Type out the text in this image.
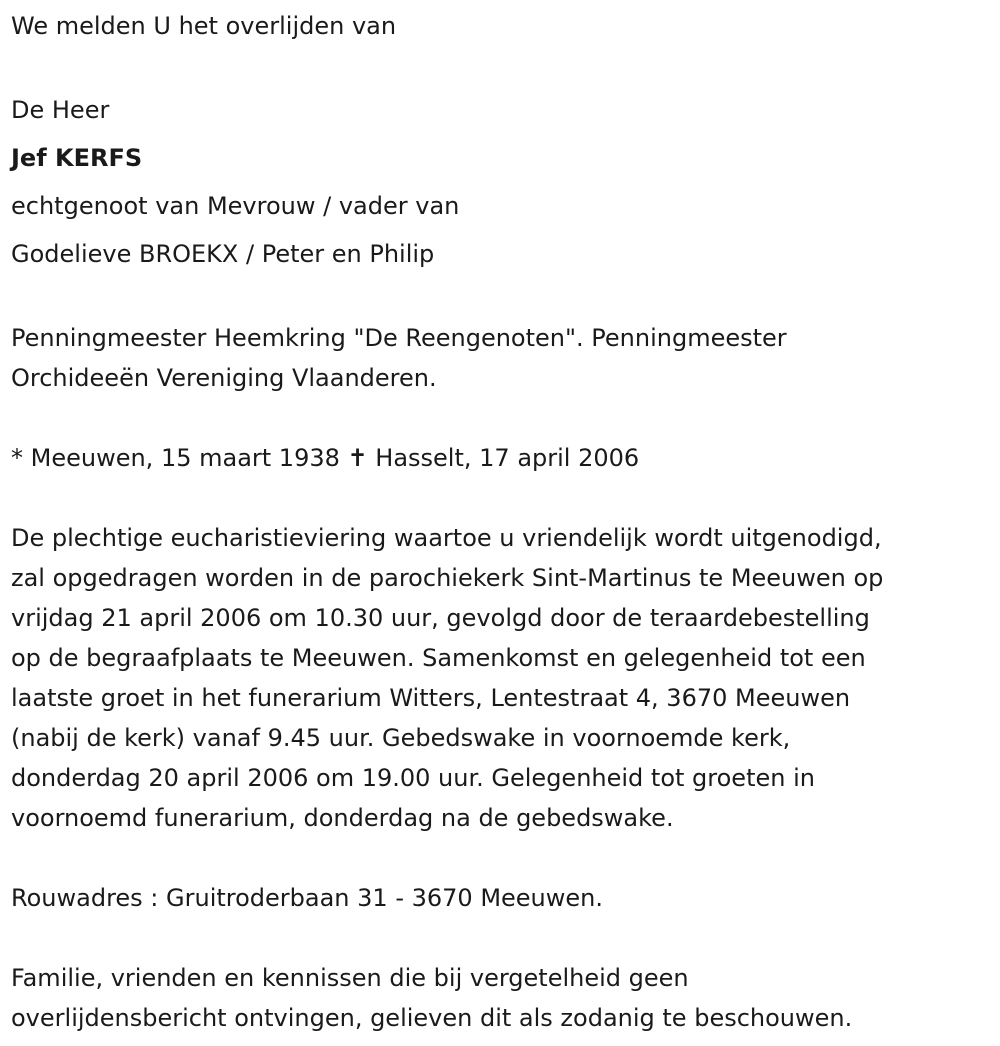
We melden U het overlijden van
De Heer
Jef KERFS
echtgenoot van Mevrouw / vader van
Godelieve BROEKX / Peter en Philip
Penningmeester Heemkring "De Reengenoten". Penningmeester
Orchideeën Vereniging Vlaanderen.
* Meeuwen, 15 maart 1938 ✝ Hasselt, 17 april 2006
De plechtige eucharistieviering waartoe u vriendelijk wordt uitgenodigd,
zal opgedragen worden in de parochiekerk Sint-Martinus te Meeuwen op
vrijdag 21 april 2006 om 10.30 uur, gevolgd door de teraardebestelling
op de begraafplaats te Meeuwen. Samenkomst en gelegenheid tot een
laatste groet in het funerarium Witters, Lentestraat 4, 3670 Meeuwen
(nabij de kerk) vanaf 9.45 uur. Gebedswake in voornoemde kerk,
donderdag 20 april 2006 om 19.00 uur. Gelegenheid tot groeten in
voornoemd funerarium, donderdag na de gebedswake.
Rouwadres : Gruitroderbaan 31 - 3670 Meeuwen.
Familie, vrienden en kennissen die bij vergetelheid geen
overlijdensbericht ontvingen, gelieven dit als zodanig te beschouwen.
